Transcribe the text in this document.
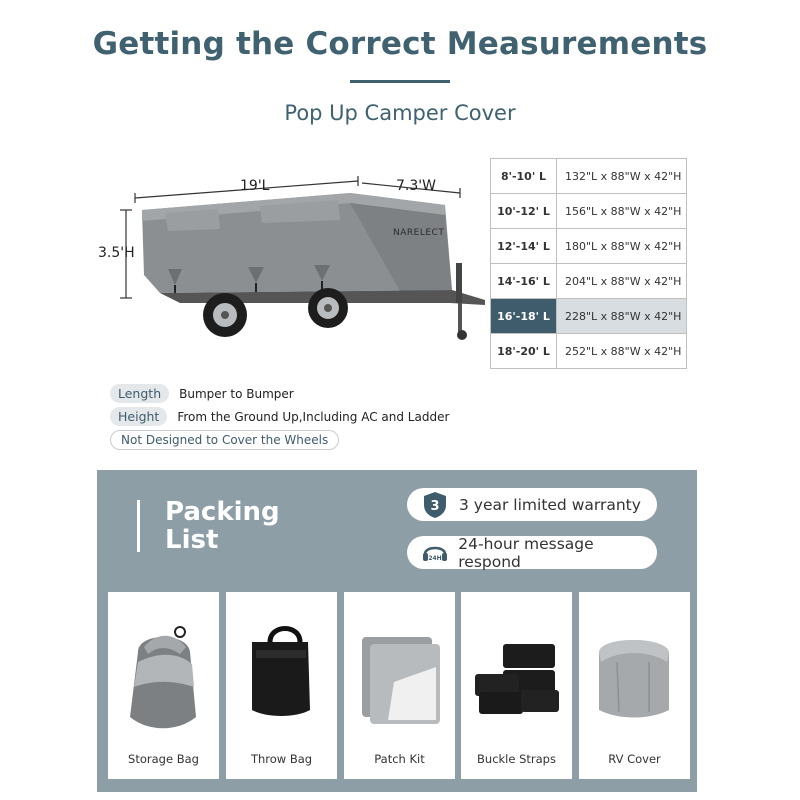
Getting the Correct Measurements
Pop Up Camper Cover
19'L	7.3'W
3.5'H
NARELECT
8'-10' L	132"L x 88"W x 42"H
10'-12' L	156"L x 88"W x 42"H
12'-14' L	180"L x 88"W x 42"H
14'-16' L	204"L x 88"W x 42"H
16'-18' L	228"L x 88"W x 42"H
18'-20' L	252"L x 88"W x 42"H
Length	Bumper to Bumper
Height	From the Ground Up,Including AC and Ladder
Not Designed to Cover the Wheels
Packing
List
3 3 year limited warranty
24H
24-hour message respond
Storage Bag	Throw Bag	Patch Kit	Buckle Straps	RV Cover
